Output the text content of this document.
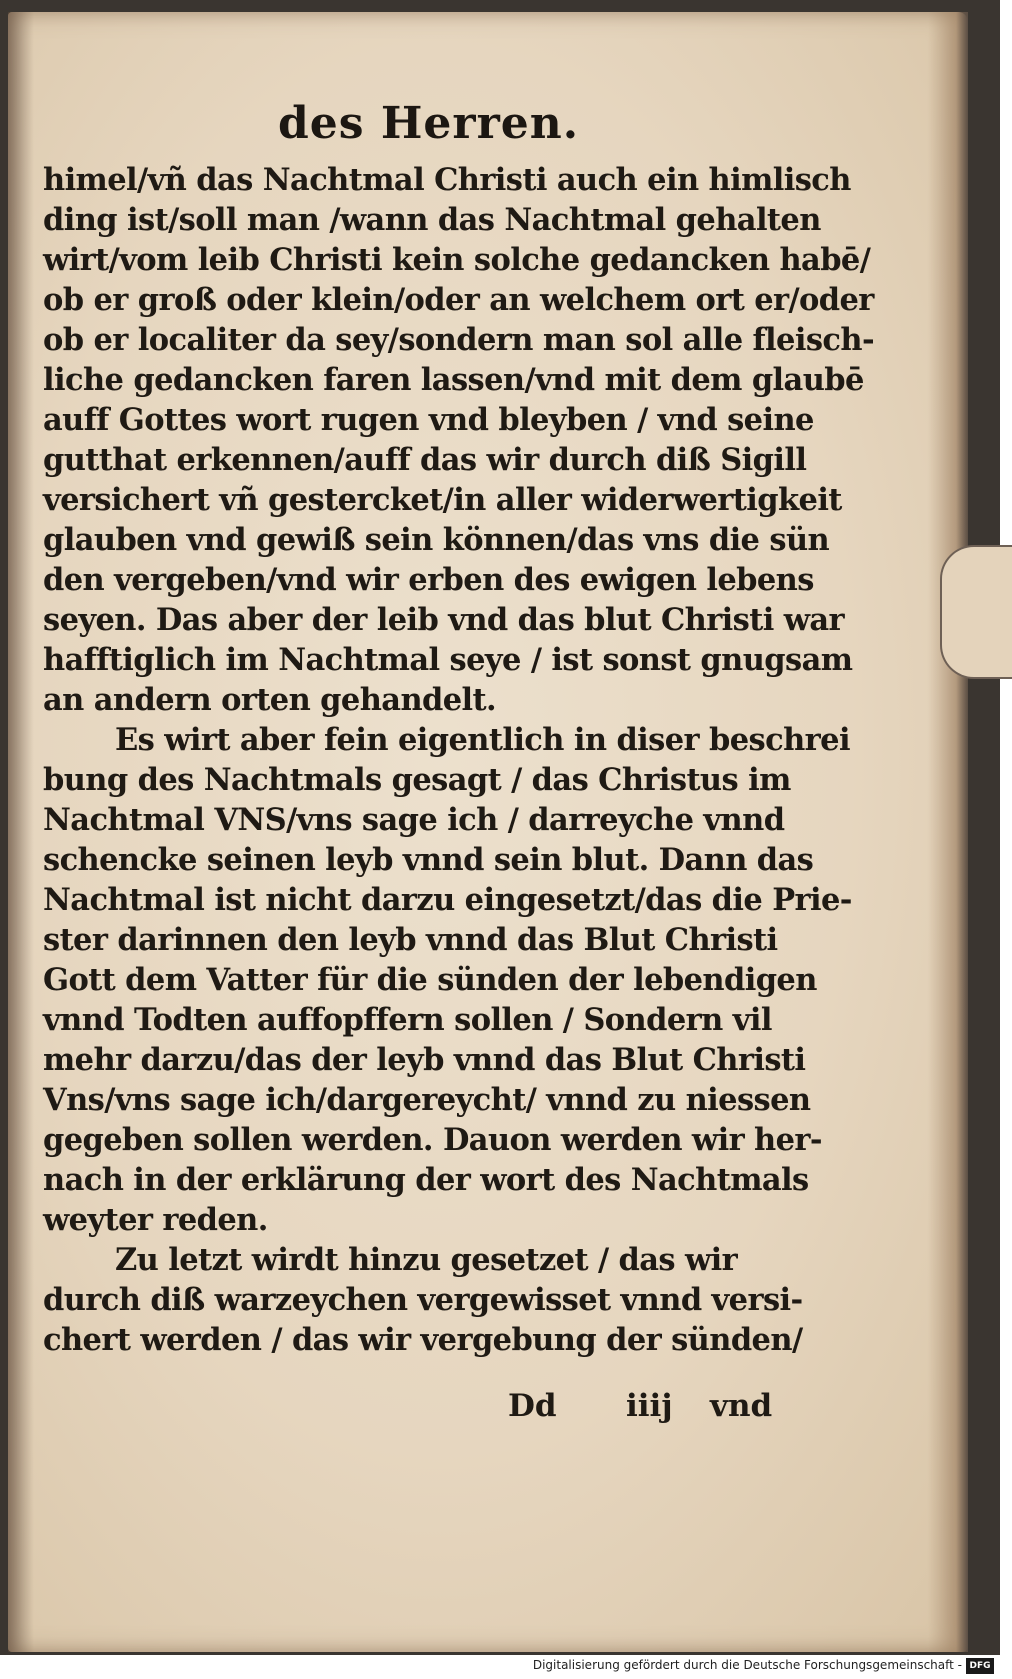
des Herren.
himel/vñ das Nachtmal Christi auch ein himlisch
ding ist/soll man /wann das Nachtmal gehalten
wirt/vom leib Christi kein solche gedancken habē/
ob er groß oder klein/oder an welchem ort er/oder
ob er localiter da sey/sondern man sol alle fleisch-
liche gedancken faren lassen/vnd mit dem glaubē
auff Gottes wort rugen vnd bleyben / vnd seine
gutthat erkennen/auff das wir durch diß Sigill
versichert vñ gestercket/in aller widerwertigkeit
glauben vnd gewiß sein können/das vns die sün
den vergeben/vnd wir erben des ewigen lebens
seyen. Das aber der leib vnd das blut Christi war
hafftiglich im Nachtmal seye / ist sonst gnugsam
an andern orten gehandelt.
Es wirt aber fein eigentlich in diser beschrei
bung des Nachtmals gesagt / das Christus im
Nachtmal VNS/vns sage ich / darreyche vnnd
schencke seinen leyb vnnd sein blut. Dann das
Nachtmal ist nicht darzu eingesetzt/das die Prie-
ster darinnen den leyb vnnd das Blut Christi
Gott dem Vatter für die sünden der lebendigen
vnnd Todten auffopffern sollen / Sondern vil
mehr darzu/das der leyb vnnd das Blut Christi
Vns/vns sage ich/dargereycht/ vnnd zu niessen
gegeben sollen werden. Dauon werden wir her-
nach in der erklärung der wort des Nachtmals
weyter reden.
Zu letzt wirdt hinzu gesetzet / das wir
durch diß warzeychen vergewisset vnnd versi-
chert werden / das wir vergebung der sünden/
Dd iiij vnd
Digitalisierung gefördert durch die Deutsche Forschungsgemeinschaft - DFG
